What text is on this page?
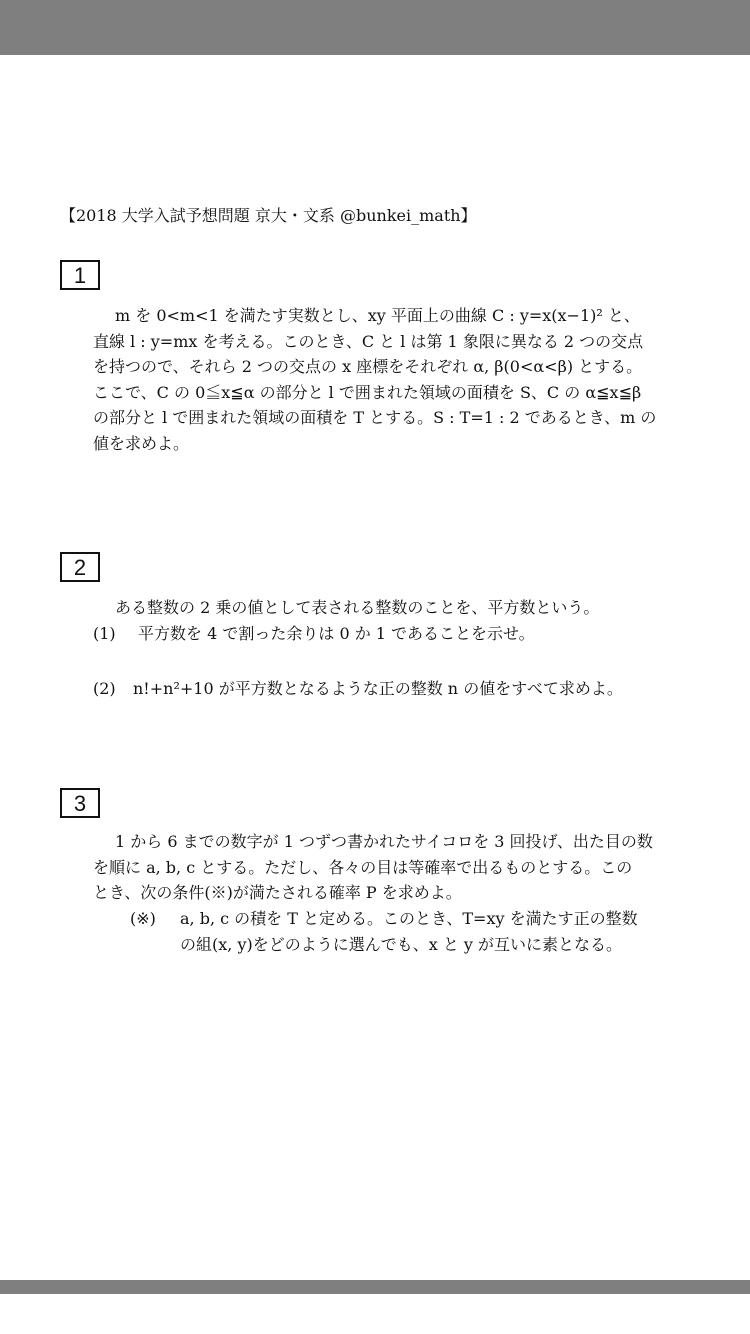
【2018 大学入試予想問題 京大・文系 @bunkei_math】
1
m を 0<m<1 を満たす実数とし、xy 平面上の曲線 C : y=x(x−1)² と、
直線 l : y=mx を考える。このとき、C と l は第 1 象限に異なる 2 つの交点
を持つので、それら 2 つの交点の x 座標をそれぞれ α, β(0<α<β) とする。
ここで、C の 0≦x≦α の部分と l で囲まれた領域の面積を S、C の α≦x≦β
の部分と l で囲まれた領域の面積を T とする。S : T=1 : 2 であるとき、m の
値を求めよ。
2
ある整数の 2 乗の値として表される整数のことを、平方数という。
(1) 平方数を 4 で割った余りは 0 か 1 であることを示せ。
(2) n!+n²+10 が平方数となるような正の整数 n の値をすべて求めよ。
3
1 から 6 までの数字が 1 つずつ書かれたサイコロを 3 回投げ、出た目の数
を順に a, b, c とする。ただし、各々の目は等確率で出るものとする。この
とき、次の条件(※)が満たされる確率 P を求めよ。
(※) a, b, c の積を T と定める。このとき、T=xy を満たす正の整数
の組(x, y)をどのように選んでも、x と y が互いに素となる。
